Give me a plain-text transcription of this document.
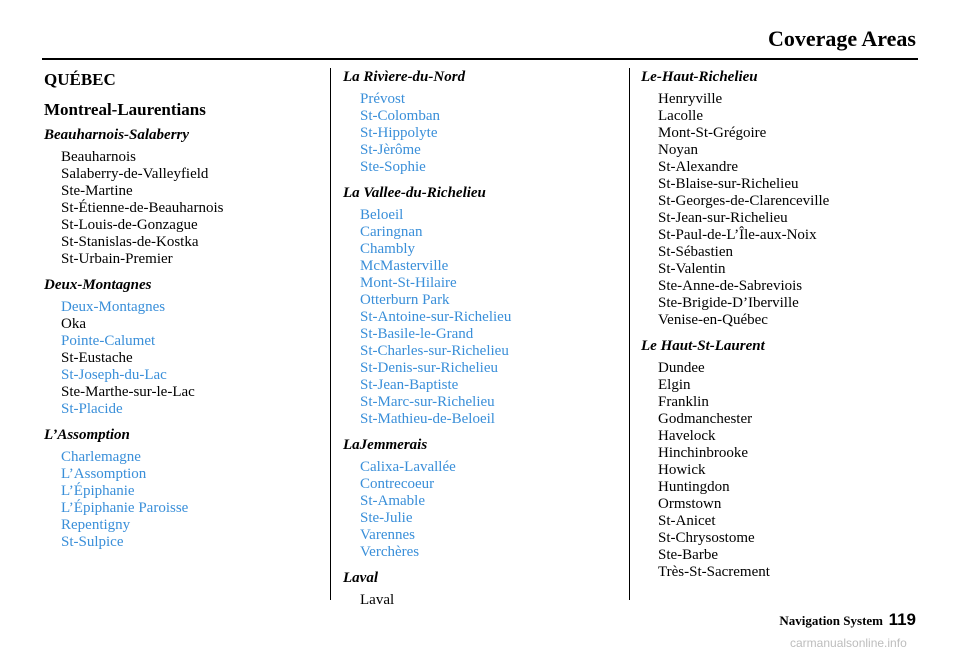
Coverage Areas
QUÉBEC
Montreal-Laurentians
Beauharnois-Salaberry
Beauharnois
Salaberry-de-Valleyfield
Ste-Martine
St-Étienne-de-Beauharnois
St-Louis-de-Gonzague
St-Stanislas-de-Kostka
St-Urbain-Premier
Deux-Montagnes
Deux-Montagnes
Oka
Pointe-Calumet
St-Eustache
St-Joseph-du-Lac
Ste-Marthe-sur-le-Lac
St-Placide
L’Assomption
Charlemagne
L’Assomption
L’Épiphanie
L’Épiphanie Paroisse
Repentigny
St-Sulpice
La Rivìere-du-Nord
Prévost
St-Colomban
St-Hippolyte
St-Jèrôme
Ste-Sophie
La Vallee-du-Richelieu
Beloeil
Caringnan
Chambly
McMasterville
Mont-St-Hilaire
Otterburn Park
St-Antoine-sur-Richelieu
St-Basile-le-Grand
St-Charles-sur-Richelieu
St-Denis-sur-Richelieu
St-Jean-Baptiste
St-Marc-sur-Richelieu
St-Mathieu-de-Beloeil
LaJemmerais
Calixa-Lavallée
Contrecoeur
St-Amable
Ste-Julie
Varennes
Verchères
Laval
Laval
Le-Haut-Richelieu
Henryville
Lacolle
Mont-St-Grégoire
Noyan
St-Alexandre
St-Blaise-sur-Richelieu
St-Georges-de-Clarenceville
St-Jean-sur-Richelieu
St-Paul-de-L’Île-aux-Noix
St-Sébastien
St-Valentin
Ste-Anne-de-Sabreviois
Ste-Brigide-D’Iberville
Venise-en-Québec
Le Haut-St-Laurent
Dundee
Elgin
Franklin
Godmanchester
Havelock
Hinchinbrooke
Howick
Huntingdon
Ormstown
St-Anicet
St-Chrysostome
Ste-Barbe
Très-St-Sacrement
Navigation System 119
carmanualsonline.info
